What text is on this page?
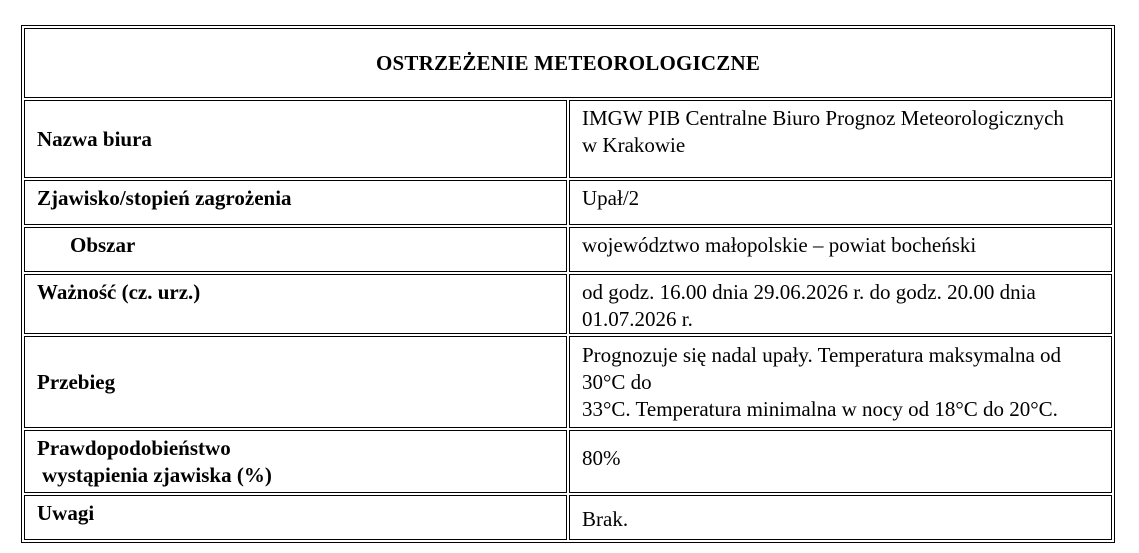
OSTRZEŻENIE METEOROLOGICZNE	
Nazwa biura	IMGW PIB Centralne Biuro Prognoz Meteorologicznych
w Krakowie
Zjawisko/stopień zagrożenia	Upał/2
Obszar	województwo małopolskie – powiat bocheński
Ważność (cz. urz.)	od godz. 16.00 dnia 29.06.2026 r. do godz. 20.00 dnia 01.07.2026 r.
Przebieg	Prognozuje się nadal upały. Temperatura maksymalna od 30°C do
33°C. Temperatura minimalna w nocy od 18°C do 20°C.

Prawdopodobieństwo
wystąpienia zjawiska (%)	80%
Uwagi	Brak.
